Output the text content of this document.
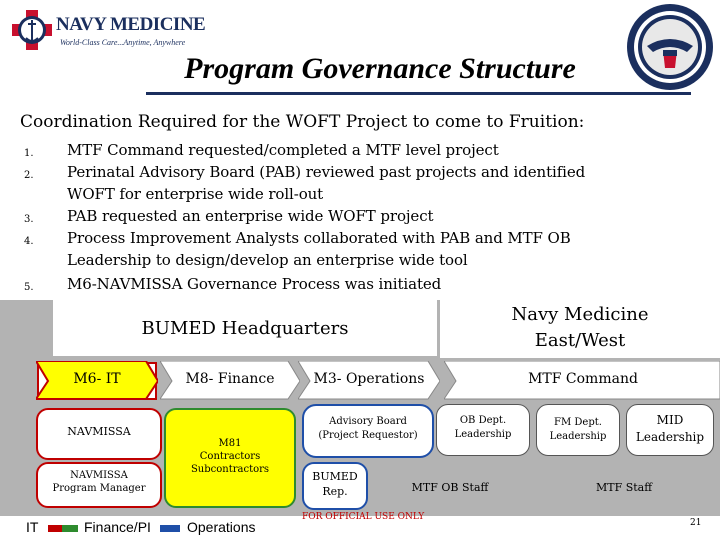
NAVY MEDICINE
World-Class Care...Anytime, Anywhere
Program Governance Structure
Coordination Required for the WOFT Project to come to Fruition:
1. MTF Command requested/completed a MTF level project
2. Perinatal Advisory Board (PAB) reviewed past projects and identified
WOFT for enterprise wide roll-out
3. PAB requested an enterprise wide WOFT project
4. Process Improvement Analysts collaborated with PAB and MTF OB
Leadership to design/develop an enterprise wide tool
5. M6-NAVMISSA Governance Process was initiated
BUMED Headquarters
Navy Medicine
East/West
M6- IT	M8- Finance	M3- Operations	MTF Command
NAVMISSA
NAVMISSA
Program Manager
M81
Contractors
Subcontractors
Advisory Board
(Project Requestor)
BUMED
Rep.
OB Dept.
Leadership
FM Dept.
Leadership
MID
Leadership
MTF OB Staff	MTF Staff
IT	Finance/PI	Operations
FOR OFFICIAL USE ONLY
21
